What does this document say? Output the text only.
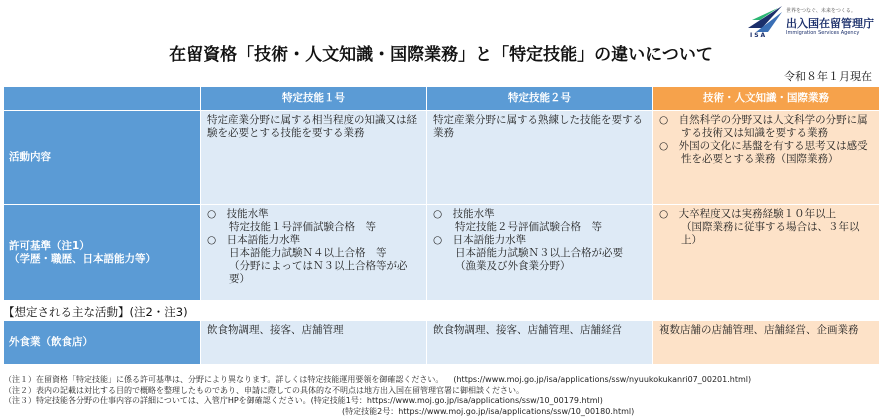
ISA
世界をつなぐ、未来をつくる。
出入国在留管理庁
Immigration Services Agency
在留資格「技術・人文知識・国際業務」と「特定技能」の違いについて
令和８年１月現在
	特定技能１号	特定技能２号	技術・人文知識・国際業務
活動内容	特定産業分野に属する相当程度の知識又は経験を必要とする技能を要する業務	特定産業分野に属する熟練した技能を要する業務	○　自然科学の分野又は人文科学の分野に属する技術又は知識を要する業務
○　外国の文化に基盤を有する思考又は感受性を必要とする業務（国際業務）

許可基準（注1）
（学歴・職歴、日本語能力等）	○　技能水準
特定技能１号評価試験合格　等
○　日本語能力水準
日本語能力試験Ｎ４以上合格　等
（分野によってはＮ３以上合格等が必要）	○　技能水準
特定技能２号評価試験合格　等
○　日本語能力水準
日本語能力試験Ｎ３以上合格が必要
（漁業及び外食業分野）	○　大卒程度又は実務経験１０年以上
（国際業務に従事する場合は、３年以上）
【想定される主な活動】(注2・注3)
外食業（飲食店）	飲食物調理、接客、店舗管理	飲食物調理、接客、店舗管理、店舗経営	複数店舗の店舗管理、店舗経営、企画業務
（注１）在留資格「特定技能」に係る許可基準は、分野により異なります。詳しくは特定技能運用要領を御確認ください。 (https://www.moj.go.jp/isa/applications/ssw/nyuukokukanri07_00201.html)
（注２）表内の記載は対比する目的で概略を整理したものであり、申請に際しての具体的な不明点は地方出入国在留管理官署に御相談ください。
（注３）特定技能各分野の仕事内容の詳細については、入管庁HPを御確認ください。(特定技能1号：https://www.moj.go.jp/isa/applications/ssw/10_00179.html)
(特定技能2号：https://www.moj.go.jp/isa/applications/ssw/10_00180.html)
